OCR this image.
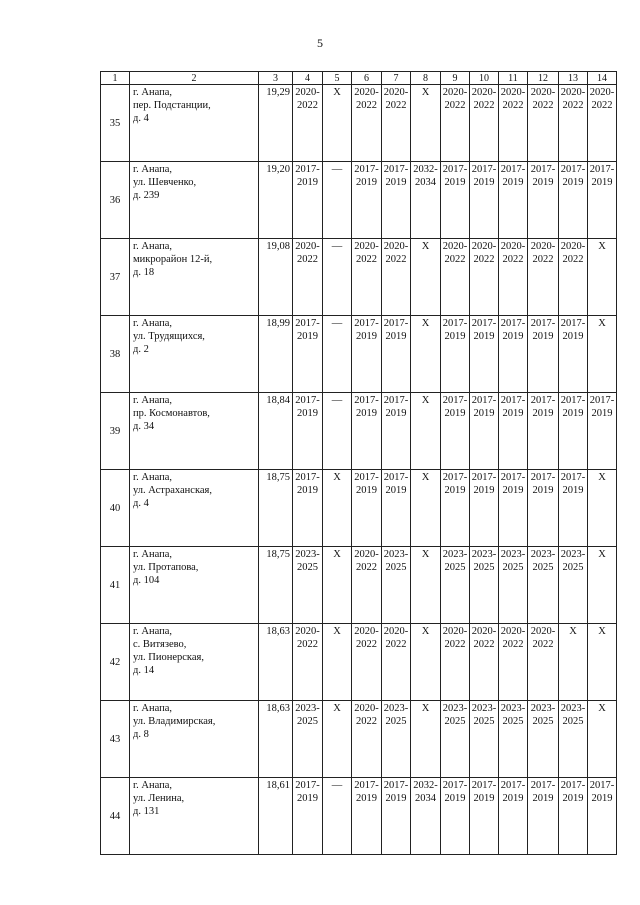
5
1	2	3	4	5	6	7	8	9	10	11	12	13	14
35	г. Анапа,
пер. Подстанции,
д. 4	19,29	2020-
2022	X	2020-
2022	2020-
2022	X	2020-
2022	2020-
2022	2020-
2022	2020-
2022	2020-
2022	2020-
2022

36	г. Анапа,
ул. Шевченко,
д. 239	19,20	2017-
2019	—	2017-
2019	2017-
2019	2032-
2034	2017-
2019	2017-
2019	2017-
2019	2017-
2019	2017-
2019	2017-
2019

37	г. Анапа,
микрорайон 12-й,
д. 18	19,08	2020-
2022	—	2020-
2022	2020-
2022	X	2020-
2022	2020-
2022	2020-
2022	2020-
2022	2020-
2022	X

38	г. Анапа,
ул. Трудящихся,
д. 2	18,99	2017-
2019	—	2017-
2019	2017-
2019	X	2017-
2019	2017-
2019	2017-
2019	2017-
2019	2017-
2019	X

39	г. Анапа,
пр. Космонавтов,
д. 34	18,84	2017-
2019	—	2017-
2019	2017-
2019	X	2017-
2019	2017-
2019	2017-
2019	2017-
2019	2017-
2019	2017-
2019

40	г. Анапа,
ул. Астраханская,
д. 4	18,75	2017-
2019	X	2017-
2019	2017-
2019	X	2017-
2019	2017-
2019	2017-
2019	2017-
2019	2017-
2019	X

41	г. Анапа,
ул. Протапова,
д. 104	18,75	2023-
2025	X	2020-
2022	2023-
2025	X	2023-
2025	2023-
2025	2023-
2025	2023-
2025	2023-
2025	X

42	г. Анапа,
с. Витязево,
ул. Пионерская,
д. 14	18,63	2020-
2022	X	2020-
2022	2020-
2022	X	2020-
2022	2020-
2022	2020-
2022	2020-
2022	X	X

43	г. Анапа,
ул. Владимирская,
д. 8	18,63	2023-
2025	X	2020-
2022	2023-
2025	X	2023-
2025	2023-
2025	2023-
2025	2023-
2025	2023-
2025	X

44	г. Анапа,
ул. Ленина,
д. 131	18,61	2017-
2019	—	2017-
2019	2017-
2019	2032-
2034	2017-
2019	2017-
2019	2017-
2019	2017-
2019	2017-
2019	2017-
2019
